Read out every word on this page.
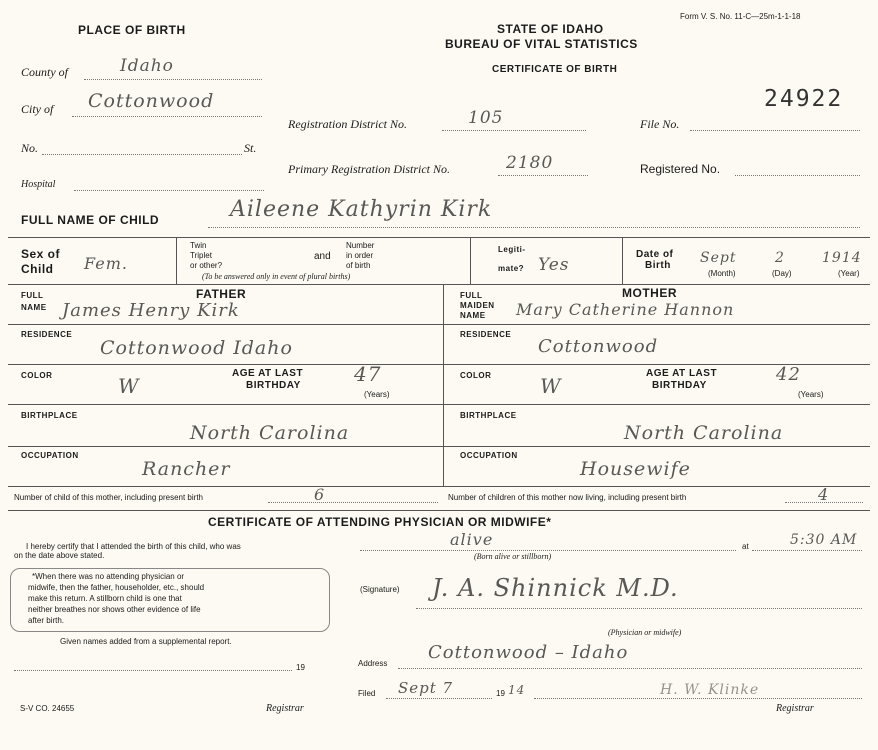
PLACE OF BIRTH	STATE OF IDAHO
BUREAU OF VITAL STATISTICS
CERTIFICATE OF BIRTH
Form V. S. No. 11-C—25m-1-1-18
County of	Idaho
City of Cottonwood
No.	St.
Hospital
Registration District No.	105	File No.
24922
Primary Registration District No.	2180	Registered No.
FULL NAME OF CHILD	Aileene Kathyrin Kirk
Sex of
Child Fem.
Twin
Triplet
or other?
and
Number
in order
of birth
(To be answered only in event of plural births)
Legiti-
mate? Yes
Date of
Birth Sept	2	1914
(Month)	(Day)	(Year)
FATHER
FULL
NAME James Henry Kirk
RESIDENCE
Cottonwood Idaho
COLOR	W
AGE AT LAST
BIRTHDAY	47
(Years)
BIRTHPLACE
North Carolina
OCCUPATION
Rancher
MOTHER
FULL
MAIDEN
NAME Mary Catherine Hannon
RESIDENCE
Cottonwood
COLOR W
AGE AT LAST
BIRTHDAY
42
(Years)
BIRTHPLACE
North Carolina
OCCUPATION
Housewife
Number of child of this mother, including present birth	6	Number of children of this mother now living, including present birth	4
CERTIFICATE OF ATTENDING PHYSICIAN OR MIDWIFE*
I hereby certify that I attended the birth of this child, who was
on the date above stated.
alive
(Born alive or stillborn)
at	5:30 AM
*When there was no attending physician or
midwife, then the father, householder, etc., should
make this return. A stillborn child is one that
neither breathes nor shows other evidence of life
after birth.
(Signature) J. A. Shinnick M.D.
(Physician or midwife)
Given names added from a supplemental report.
19	Address
Cottonwood – Idaho
Filed Sept 7	19 14	H. W. Klinke
S-V CO. 24655	Registrar	Registrar
